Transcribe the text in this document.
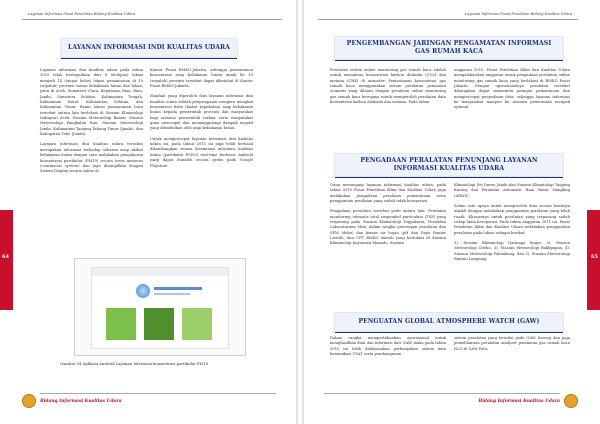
Layanan Informasi Pusat Penelitian Bidang Kualitas Udara
LAYANAN INFORMASI INDI KUALITAS UDARA

Layanan informasi dini kualitas udara pada tahun 2015 telah berlanjutkan dari 8 (delapan) lokasi menjadi 14 (empat belas) lokasi pemantauan di 10 (sepuluh) provinsi rawan kebakaran hutan dan lahan, yaitu di Aceh, Sumatera Utara, Kepulauan Riau, Riau, Jambi, Sumatera Selatan, Kalimantan Tengah, Kalimantan Barat, Kalimantan Selatan, dan Kalimantan Timur. Enam lokasi pemantauan baru tersebut antara lain berlokasi di Stasiun Klimatologi Indrapuri Aceh, Stasiun Meteorologi Batam, Stasiun Meteorologi Pangkalan Bun, Stasiun Meteorologi Jambi, Kalimantan Tanjung Tabung Timur (Jambi), dan Kabupaten Tebo (Jambi).

Layanan informasi dini kualitas udara tersebut merupakan informasi terhadap sebaran asap akibat kebakaran hutan dengan cara melakukan pengukuran konsentrasi partikulat (PM10) secara terus menerus (continuous system) dan juga ditampilkan dengan Sistem Display secara online di

Kantor Pusat BMKG-Jakarta, sehingga pemantauan konsentrasi asap kebakaran hutan untuk ke 10 (sepuluh) provinsi tersebut dapat diketahui di Kantor Pusat BMKG-Jakarta.

Manfaat yang diperoleh dari layanan informasi dini kualitas udara adalah penyampaian sesegera mungkin konsentrasi debu (kadar kepekatan) asap kebakaran hutan kepada pemerintah provinsi dan masyarakat bagi instansi pemerintah terkait serta masyarakat guna mencegah dan menanggulangi dampak negatif yang ditimbulkan oleh asap kebakaran hutan.

Untuk mempercepat layanan informasi dini kualitas udara ini, pada tahun 2015 ini juga telah berhasil dikembangkan semua diseminasi informasi kualitas udara (partikulat PM10) real-time berbasis Android yang dapat diunduh secara gratis pada Google Playstore.

Gambar 34 Aplikasi Android Layanan Informasi konsentrasi partikulat PM10
64
Bidang Informasi Kualitas Udara
Layanan Informasi Pusat Penelitian Bidang Kualitas Udara
PENGEMBANGAN JARINGAN PENGAMATAN INFORMASI GAS RUMAH KACA

Peralatan sistem online monitoring gas rumah kaca adalah untuk memantau konsentrasi karbon dioksida (CO2) dan metana (CH4) di atmosfer. Pemantauan konsentrasi gas rumah kaca menggunakan sistem peralatan pemantau otomatis yang dilatari dengan peralatan online monitoring gas rumah kaca berupaya untuk memperoleh peralatan data konsentrasi karbon dioksida dan metana. Pada tahun

anggaran 2015, Pusat Penelitian Iklim dan Kualitas Udara mengalokasikan anggaran untuk pengadaan peralatan online monitoring gas rumah kaca yang berlokasi di BMKG Pusat Jakarta. Dengan operasionalnya peralatan tersebut diharapkan dapat memenuhi jaringan pemantauan dan mempercepat penyediaan data, sehingga layanan informasi ke masyarakat maupun ke instansi pemerintah menjadi optimal.

PENGADAAN PERALATAN PENUNJANG LAYANAN INFORMASI KUALITAS UDARA

Guna menunjang layanan informasi kualitas udara, pada tahun 2015 Pusat Penelitian Iklim dan Kualitas Udara juga melakukan pengadaan peralatan pemantauan serta penggantian peralatan yang sudah tidak berоperasi.

Pengadaan peralatan tersebut yaitu antara lain: Peralatan monitoring otomatis total suspended particulate (TSP) yang terpasang pada Stasiun Klimatologi Yogyakarta, Peralatan Laboratorium Mini, dalam rangka penerapan peralatan dan SPM (debu) dan kemas air hujan (pH dan Daya Hantar Listrik), dan UPT BMKG daerah yang berlokasi di Stasiun Klimatologi Kayuwatu Manado, Stasiun

Klimatologi Sei Duren Jambi dan Stasiun Klimatologi Tanjung Karang dan Peralatan Automatic Rain Water Sampling (ARWS).

Selain satu upaya untuk memperoleh data secara kontinyu adalah dengan melakukan penggantian peralatan yang telah rusak. Khususnya untuk peralatan yang terpasang sudah cukup lama beroperasi. Pada tahun anggaran 2015 ini, Pusat Penelitian Iklim dan Kualitas Udara melakukan penggantian peralatan pada lokasi sebagai berikut:

1). Stasiun Klimatologi Darmaga Bogor, 2). Stasiun Meteorologi Citeko, 3). Stasiun Meteorologi Balikpapan, 4). Stasiun Meteorologi Palembang, dan 5). Stasiun Meteorologi Bintuni Lampung.

PENGUATAN GLOBAL ATMOSPHERE WATCH (GAW)

Dalam rangka mempertahankan operasional untuk menghasilkan data dan informasi dari GAW, maka pada tahun 2015 ini telah dilaksanakan perbanyakan sistem data komunikasi VSAT serta pembangunan

sistem peralatan yang bernilai pada GAW Sorong dan juga pemeliharaan peralatan analyzer pemantau gas rumah kaca N2O di GAW Palu.

65
Bidang Informasi Kualitas Udara
